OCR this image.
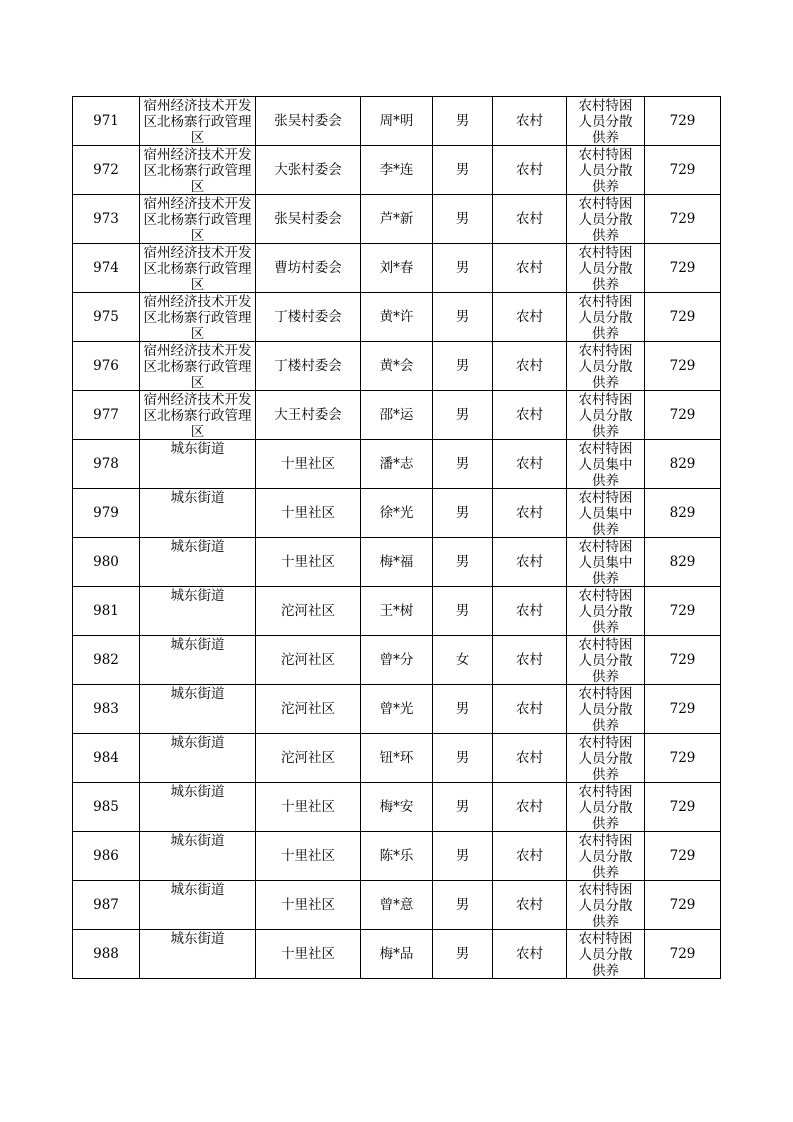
971	宿州经济技术开发区北杨寨行政管理区	张吴村委会	周*明	男	农村	农村特困人员分散供养	729

972	宿州经济技术开发区北杨寨行政管理区	大张村委会	李*连	男	农村	农村特困人员分散供养	729

973	宿州经济技术开发区北杨寨行政管理区	张吴村委会	芦*新	男	农村	农村特困人员分散供养	729

974	宿州经济技术开发区北杨寨行政管理区	曹坊村委会	刘*春	男	农村	农村特困人员分散供养	729

975	宿州经济技术开发区北杨寨行政管理区	丁楼村委会	黄*许	男	农村	农村特困人员分散供养	729

976	宿州经济技术开发区北杨寨行政管理区	丁楼村委会	黄*会	男	农村	农村特困人员分散供养	729

977	宿州经济技术开发区北杨寨行政管理区	大王村委会	邵*运	男	农村	农村特困人员分散供养	729

978	城东街道	十里社区	潘*志	男	农村	农村特困人员集中供养	829

979	城东街道	十里社区	徐*光	男	农村	农村特困人员集中供养	829

980	城东街道	十里社区	梅*福	男	农村	农村特困人员集中供养	829

981	城东街道	沱河社区	王*树	男	农村	农村特困人员分散供养	729

982	城东街道	沱河社区	曾*分	女	农村	农村特困人员分散供养	729

983	城东街道	沱河社区	曾*光	男	农村	农村特困人员分散供养	729

984	城东街道	沱河社区	钮*环	男	农村	农村特困人员分散供养	729

985	城东街道	十里社区	梅*安	男	农村	农村特困人员分散供养	729

986	城东街道	十里社区	陈*乐	男	农村	农村特困人员分散供养	729

987	城东街道	十里社区	曾*意	男	农村	农村特困人员分散供养	729

988	城东街道	十里社区	梅*品	男	农村	农村特困人员分散供养	729
